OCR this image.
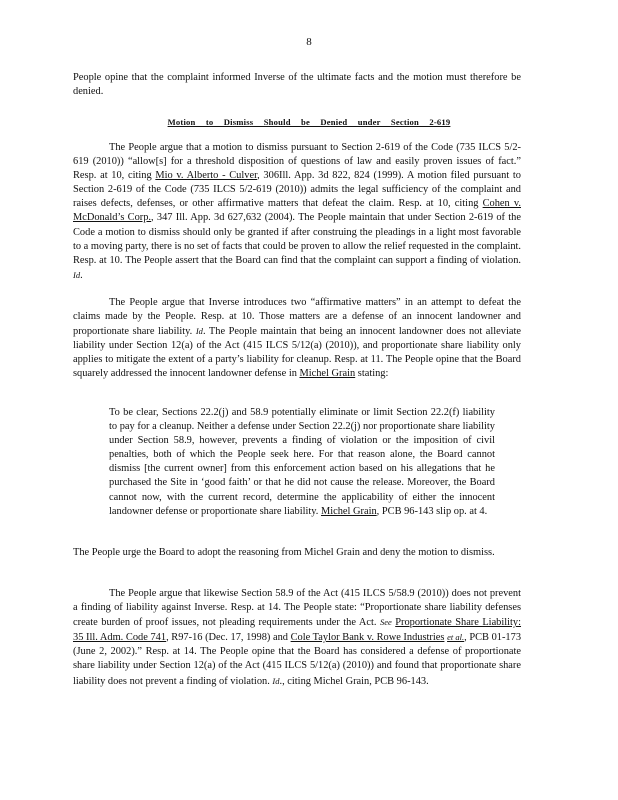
8

People opine that the complaint informed Inverse of the ultimate facts and the motion must therefore be denied.

Motion to Dismiss Should be Denied under Section 2-619

The People argue that a motion to dismiss pursuant to Section 2-619 of the Code (735 ILCS 5/2-619 (2010)) “allow[s] for a threshold disposition of questions of law and easily proven issues of fact.” Resp. at 10, citing Mio v. Alberto - Culver, 306Ill. App. 3d 822, 824 (1999). A motion filed pursuant to Section 2-619 of the Code (735 ILCS 5/2-619 (2010)) admits the legal sufficiency of the complaint and raises defects, defenses, or other affirmative matters that defeat the claim. Resp. at 10, citing Cohen v. McDonald’s Corp., 347 Ill. App. 3d 627,632 (2004). The People maintain that under Section 2-619 of the Code a motion to dismiss should only be granted if after construing the pleadings in a light most favorable to a moving party, there is no set of facts that could be proven to allow the relief requested in the complaint. Resp. at 10. The People assert that the Board can find that the complaint can support a finding of violation. Id.

The People argue that Inverse introduces two “affirmative matters” in an attempt to defeat the claims made by the People. Resp. at 10. Those matters are a defense of an innocent landowner and proportionate share liability. Id. The People maintain that being an innocent landowner does not alleviate liability under Section 12(a) of the Act (415 ILCS 5/12(a) (2010)), and proportionate share liability only applies to mitigate the extent of a party’s liability for cleanup. Resp. at 11. The People opine that the Board squarely addressed the innocent landowner defense in Michel Grain stating:

To be clear, Sections 22.2(j) and 58.9 potentially eliminate or limit Section 22.2(f) liability to pay for a cleanup. Neither a defense under Section 22.2(j) nor proportionate share liability under Section 58.9, however, prevents a finding of violation or the imposition of civil penalties, both of which the People seek here. For that reason alone, the Board cannot dismiss [the current owner] from this enforcement action based on his allegations that he purchased the Site in ‘good faith’ or that he did not cause the release. Moreover, the Board cannot now, with the current record, determine the applicability of either the innocent landowner defense or proportionate share liability. Michel Grain, PCB 96-143 slip op. at 4.

The People urge the Board to adopt the reasoning from Michel Grain and deny the motion to dismiss.

The People argue that likewise Section 58.9 of the Act (415 ILCS 5/58.9 (2010)) does not prevent a finding of liability against Inverse. Resp. at 14. The People state: “Proportionate share liability defenses create burden of proof issues, not pleading requirements under the Act. See Proportionate Share Liability: 35 Ill. Adm. Code 741, R97-16 (Dec. 17, 1998) and Cole Taylor Bank v. Rowe Industries et al., PCB 01-173 (June 2, 2002).” Resp. at 14. The People opine that the Board has considered a defense of proportionate share liability under Section 12(a) of the Act (415 ILCS 5/12(a) (2010)) and found that proportionate share liability does not prevent a finding of violation. Id., citing Michel Grain, PCB 96-143.
